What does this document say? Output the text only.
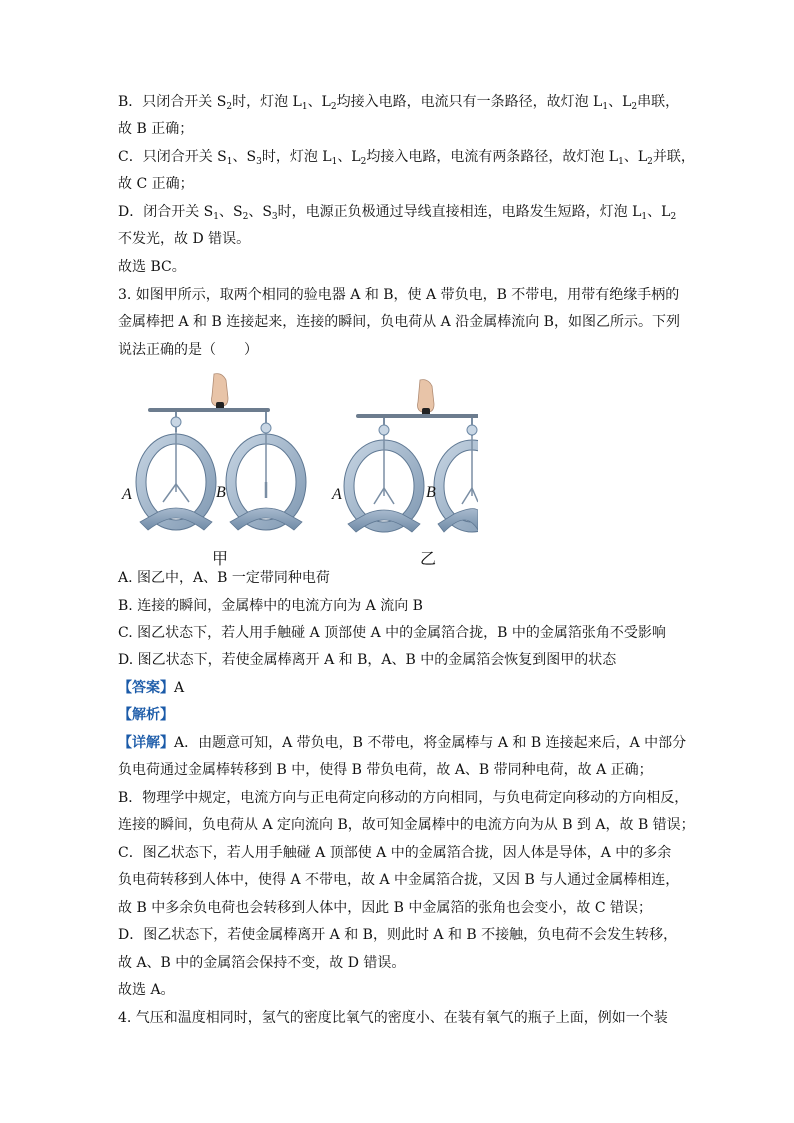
B．只闭合开关 $S_2$时，灯泡 $L_1$、$L_2$均接入电路，电流只有一条路径，故灯泡 $L_1$、$L_2$串联，
故 B 正确；
C．只闭合开关 $S_1$、$S_3$时，灯泡 $L_1$、$L_2$均接入电路，电流有两条路径，故灯泡 $L_1$、$L_2$并联，
故 C 正确；
D．闭合开关 $S_1$、$S_2$、$S_3$时，电源正负极通过导线直接相连，电路发生短路，灯泡 $L_1$、$L_2$
不发光，故 D 错误。
故选 BC。
3. 如图甲所示，取两个相同的验电器 A 和 B，使 A 带负电，B 不带电，用带有绝缘手柄的
金属棒把 A 和 B 连接起来，连接的瞬间，负电荷从 A 沿金属棒流向 B，如图乙所示。下列
说法正确的是（　　）
A	B	A	B
甲	乙
A. 图乙中，A、B 一定带同种电荷
B. 连接的瞬间，金属棒中的电流方向为 A 流向 B
C. 图乙状态下，若人用手触碰 A 顶部使 A 中的金属箔合拢，B 中的金属箔张角不受影响
D. 图乙状态下，若使金属棒离开 A 和 B，A、B 中的金属箔会恢复到图甲的状态
【答案】A
【解析】
【详解】A．由题意可知，A 带负电，B 不带电，将金属棒与 A 和 B 连接起来后，A 中部分
负电荷通过金属棒转移到 B 中，使得 B 带负电荷，故 A、B 带同种电荷，故 A 正确；
B．物理学中规定，电流方向与正电荷定向移动的方向相同，与负电荷定向移动的方向相反，
连接的瞬间，负电荷从 A 定向流向 B，故可知金属棒中的电流方向为从 B 到 A，故 B 错误；
C．图乙状态下，若人用手触碰 A 顶部使 A 中的金属箔合拢，因人体是导体，A 中的多余
负电荷转移到人体中，使得 A 不带电，故 A 中金属箔合拢，又因 B 与人通过金属棒相连，
故 B 中多余负电荷也会转移到人体中，因此 B 中金属箔的张角也会变小，故 C 错误；
D．图乙状态下，若使金属棒离开 A 和 B，则此时 A 和 B 不接触，负电荷不会发生转移，
故 A、B 中的金属箔会保持不变，故 D 错误。
故选 A。
4. 气压和温度相同时，氢气的密度比氧气的密度小、在装有氧气的瓶子上面，例如一个装
